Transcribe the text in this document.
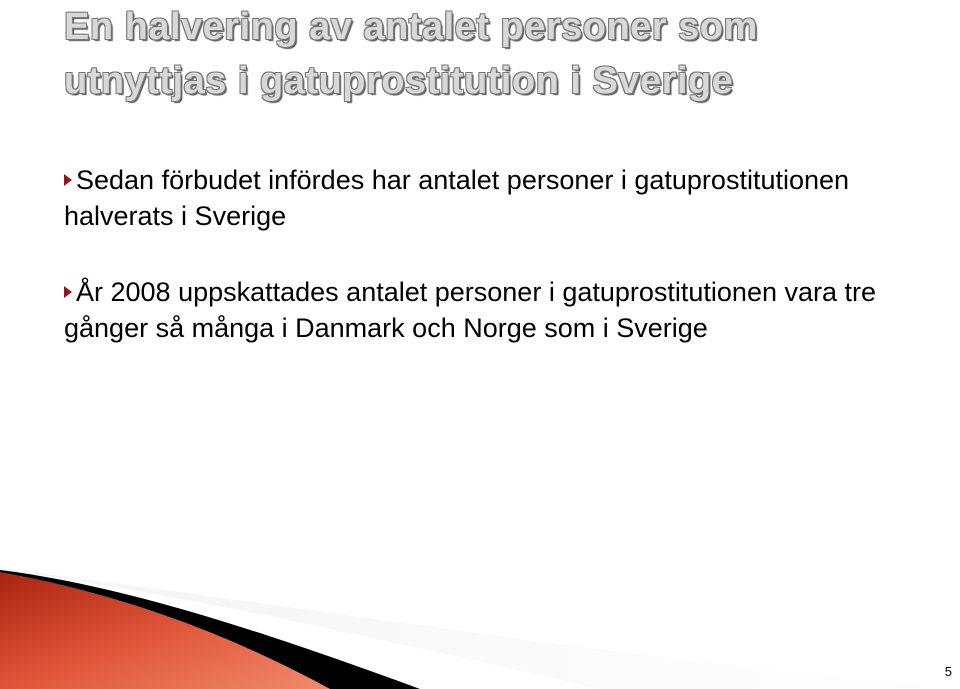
En halvering av antalet personer som
utnyttjas i gatuprostitution i Sverige

Sedan förbudet infördes har antalet personer i gatuprostitutionen halverats i Sverige

År 2008 uppskattades antalet personer i gatuprostitutionen vara tre gånger så många i Danmark och Norge som i Sverige

5
